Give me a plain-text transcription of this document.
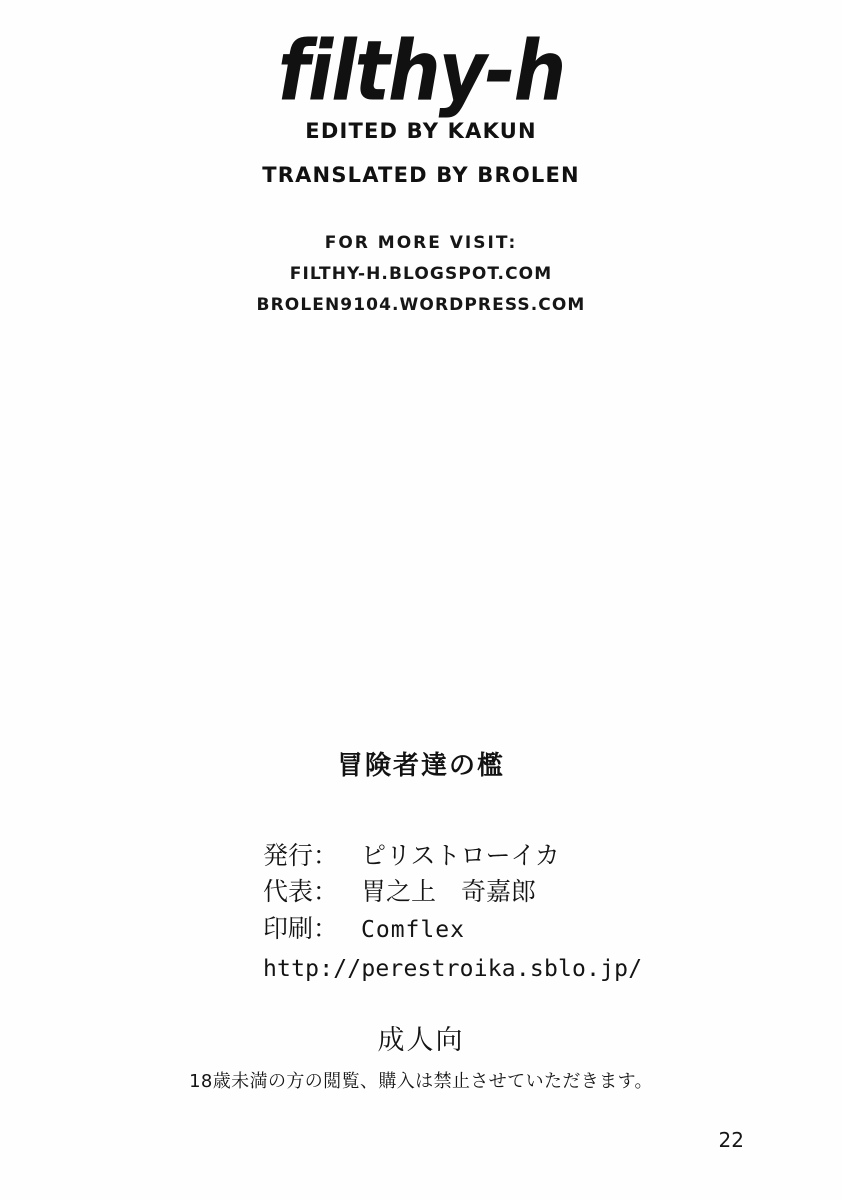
filthy-h
EDITED BY KAKUN
TRANSLATED BY BROLEN
FOR MORE VISIT:
FILTHY-H.BLOGSPOT.COM
BROLEN9104.WORDPRESS.COM
冒険者達の檻
発行： ピリストローイカ
代表： 胃之上　奇嘉郎
印刷： Comflex
http://perestroika.sblo.jp/
成人向
18歳未満の方の閲覧、購入は禁止させていただきます。
22
